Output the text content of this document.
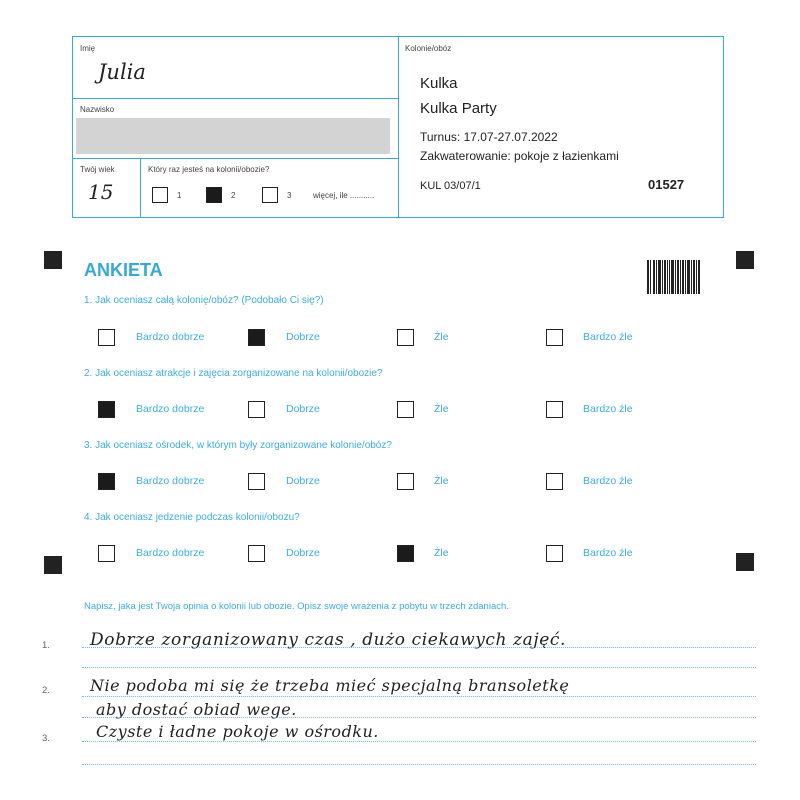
Imię
Julia
Nazwisko
Twój wiek
15
Który raz jesteś na kolonii/obozie?
1	2	3	więcej, ile ...........
Kolonie/obóz
Kulka
Kulka Party
Turnus: 17.07-27.07.2022
Zakwaterowanie: pokoje z łazienkami
KUL 03/07/1	01527
ANKIETA
1. Jak oceniasz całą kolonię/obóz? (Podobało Ci się?)
Bardzo dobrze	Dobrze	Źle	Bardzo źle
2. Jak oceniasz atrakcje i zajęcia zorganizowane na kolonii/obozie?
Bardzo dobrze	Dobrze	Źle	Bardzo źle
3. Jak oceniasz ośrodek, w którym były zorganizowane kolonie/obóz?
Bardzo dobrze	Dobrze	Źle	Bardzo źle
4. Jak oceniasz jedzenie podczas kolonii/obozu?
Bardzo dobrze	Dobrze	Źle	Bardzo źle
Napisz, jaka jest Twoja opinia o kolonii lub obozie. Opisz swoje wrażenia z pobytu w trzech zdaniach.
1. Dobrze zorganizowany czas , dużo ciekawych zajęć.
2.	Nie podoba mi się że trzeba mieć specjalną bransoletkę
aby dostać obiad wege.
3.	Czyste i ładne pokoje w ośrodku.
